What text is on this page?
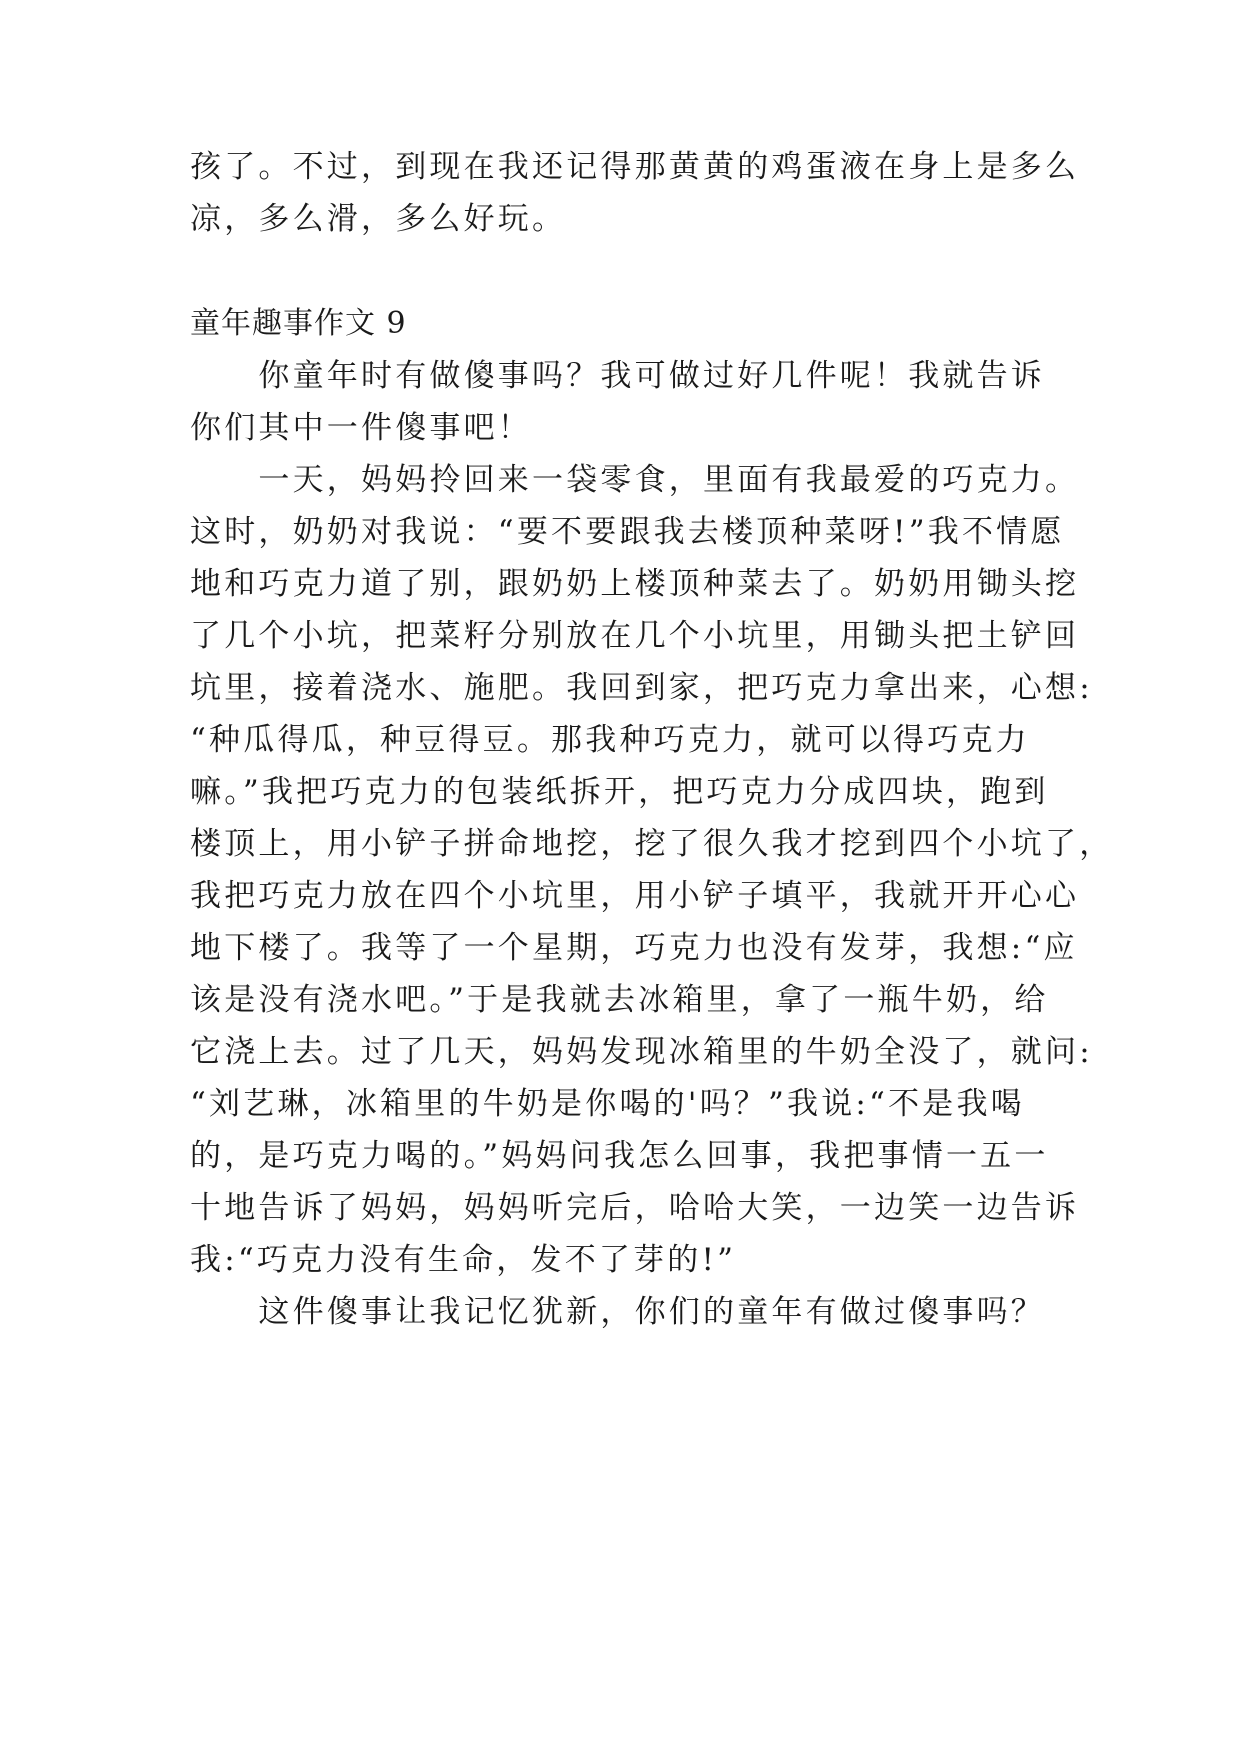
孩了。不过，到现在我还记得那黄黄的鸡蛋液在身上是多么
凉，多么滑，多么好玩。
童年趣事作文 9
　　你童年时有做傻事吗？我可做过好几件呢！我就告诉
你们其中一件傻事吧！
　　一天，妈妈拎回来一袋零食，里面有我最爱的巧克力。
这时，奶奶对我说：“要不要跟我去楼顶种菜呀!”我不情愿
地和巧克力道了别，跟奶奶上楼顶种菜去了。奶奶用锄头挖
了几个小坑，把菜籽分别放在几个小坑里，用锄头把土铲回
坑里，接着浇水、施肥。我回到家，把巧克力拿出来，心想:
“种瓜得瓜，种豆得豆。那我种巧克力，就可以得巧克力
嘛。”我把巧克力的包装纸拆开，把巧克力分成四块，跑到
楼顶上，用小铲子拼命地挖，挖了很久我才挖到四个小坑了，
我把巧克力放在四个小坑里，用小铲子填平，我就开开心心
地下楼了。我等了一个星期，巧克力也没有发芽，我想:“应
该是没有浇水吧。”于是我就去冰箱里，拿了一瓶牛奶，给
它浇上去。过了几天，妈妈发现冰箱里的牛奶全没了，就问:
“刘艺琳，冰箱里的牛奶是你喝的'吗？”我说:“不是我喝
的，是巧克力喝的。”妈妈问我怎么回事，我把事情一五一
十地告诉了妈妈，妈妈听完后，哈哈大笑，一边笑一边告诉
我:“巧克力没有生命，发不了芽的!”
　　这件傻事让我记忆犹新，你们的童年有做过傻事吗？
